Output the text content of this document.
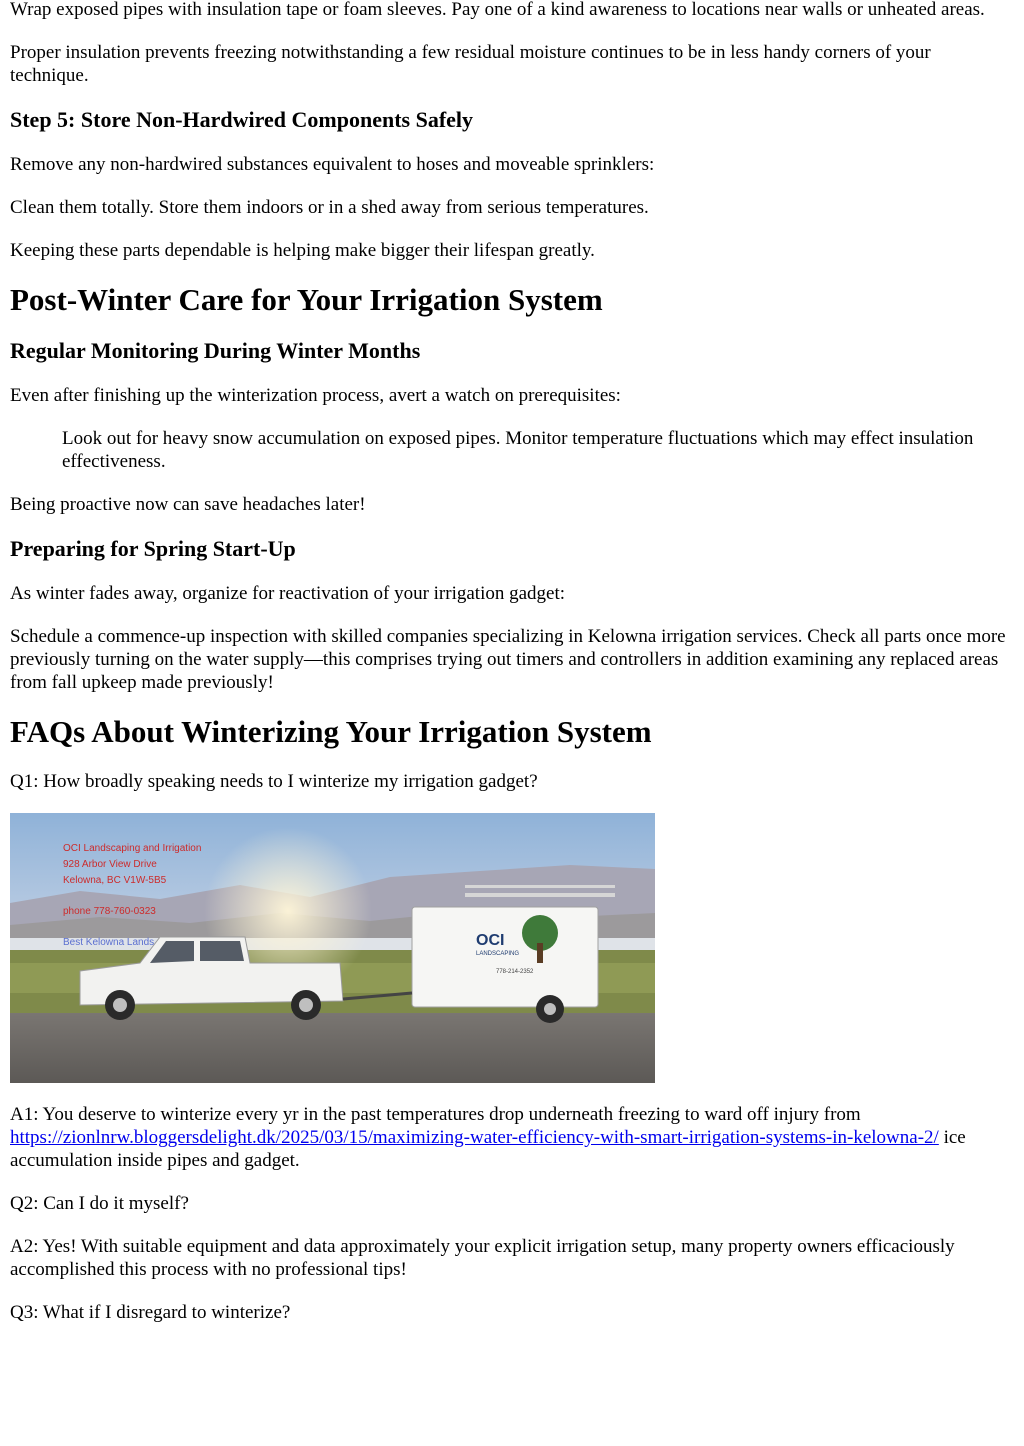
Wrap exposed pipes with insulation tape or foam sleeves. Pay one of a kind awareness to locations near walls or unheated areas.

Proper insulation prevents freezing notwithstanding a few residual moisture continues to be in less handy corners of your technique.

Step 5: Store Non-Hardwired Components Safely

Remove any non-hardwired substances equivalent to hoses and moveable sprinklers:

Clean them totally. Store them indoors or in a shed away from serious temperatures.

Keeping these parts dependable is helping make bigger their lifespan greatly.

Post-Winter Care for Your Irrigation System
Regular Monitoring During Winter Months

Even after finishing up the winterization process, avert a watch on prerequisites:

Look out for heavy snow accumulation on exposed pipes. Monitor temperature fluctuations which may effect insulation effectiveness.

Being proactive now can save headaches later!

Preparing for Spring Start-Up

As winter fades away, organize for reactivation of your irrigation gadget:

Schedule a commence-up inspection with skilled companies specializing in Kelowna irrigation services. Check all parts once more previously turning on the water supply—this comprises trying out timers and controllers in addition examining any replaced areas from fall upkeep made previously!

FAQs About Winterizing Your Irrigation System

Q1: How broadly speaking needs to I winterize my irrigation gadget?

OCI
LANDSCAPING
778-214-2352
OCI Landscaping and Irrigation
928 Arbor View Drive
Kelowna, BC V1W-5B5
phone 778-760-0323
Best Kelowna Lands

A1: You deserve to winterize every yr in the past temperatures drop underneath freezing to ward off injury from https://zionlnrw.bloggersdelight.dk/2025/03/15/maximizing-water-efficiency-with-smart-irrigation-systems-in-kelowna-2/ ice accumulation inside pipes and gadget.

Q2: Can I do it myself?

A2: Yes! With suitable equipment and data approximately your explicit irrigation setup, many property owners efficaciously accomplished this process with no professional tips!

Q3: What if I disregard to winterize?
